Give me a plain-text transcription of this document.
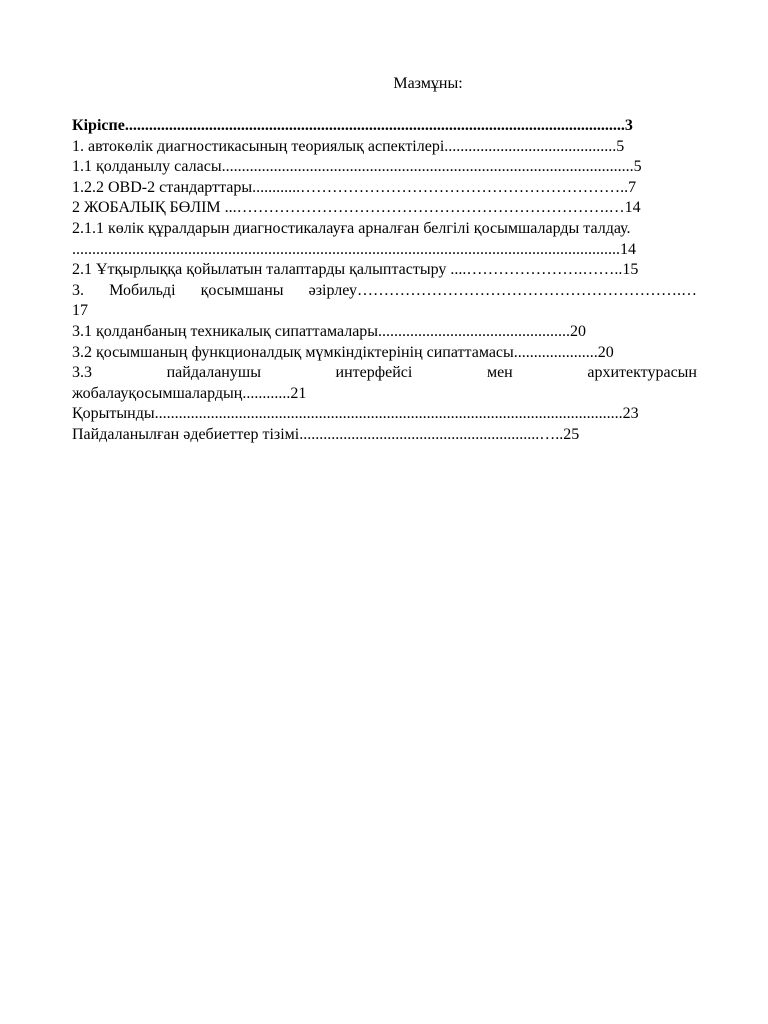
Мазмұны:
Кіріспе.............................................................................................................................3
1. автокөлік диагностикасының теориялық аспектілері...........................................5
1.1 қолданылу саласы.......................................................................................................5
1.2.2 OBD-2 стандарттары............……………………………………………………..7
2 ЖОБАЛЫҚ БӨЛІМ ...…………………………………………………………….…14
2.1.1 көлік құралдарын диагностикалауға арналған белгілі қосымшаларды талдау.
.........................................................................................................................................14
2.1 Ұтқырлыққа қойылатын талаптарды қалыптастыру ....………………….……..15
3. Мобильді қосымшаны әзірлеу…………………………………………………….…
17
3.1 қолданбаның техникалық сипаттамалары................................................20
3.2 қосымшаның функционалдық мүмкіндіктерінің сипаттамасы.....................20
3.3	пайдаланушы	интерфейсі	мен	архитектурасын
жобалауқосымшалардың............21
Қорытынды.....................................................................................................................23
Пайдаланылған әдебиеттер тізімі............................................................…..25
